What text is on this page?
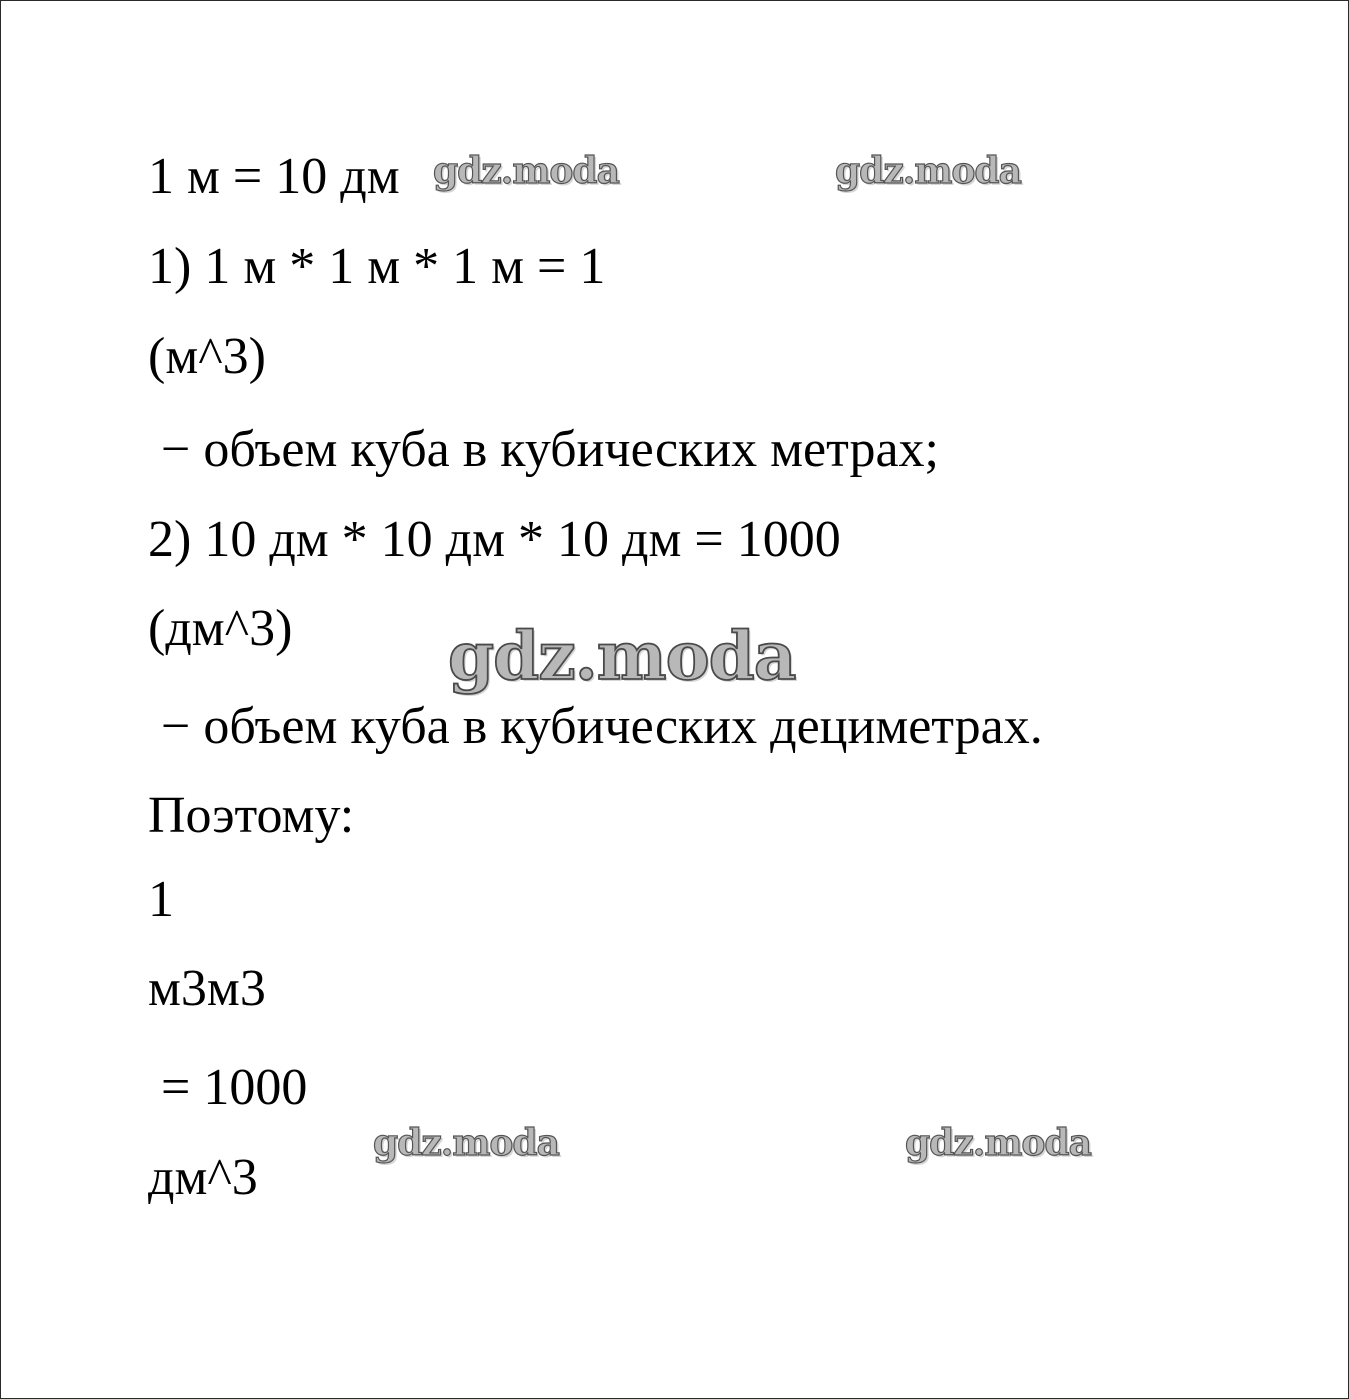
1 м = 10 дм

1) 1 м * 1 м * 1 м = 1

(м^3)

− объем куба в кубических метрах;

2) 10 дм * 10 дм * 10 дм = 1000

(дм^3)

− объем куба в кубических дециметрах.

Поэтому:

1

м3м3

= 1000

дм^3

gdz.moda	gdz.moda
gdz.moda
gdz.moda	gdz.moda
